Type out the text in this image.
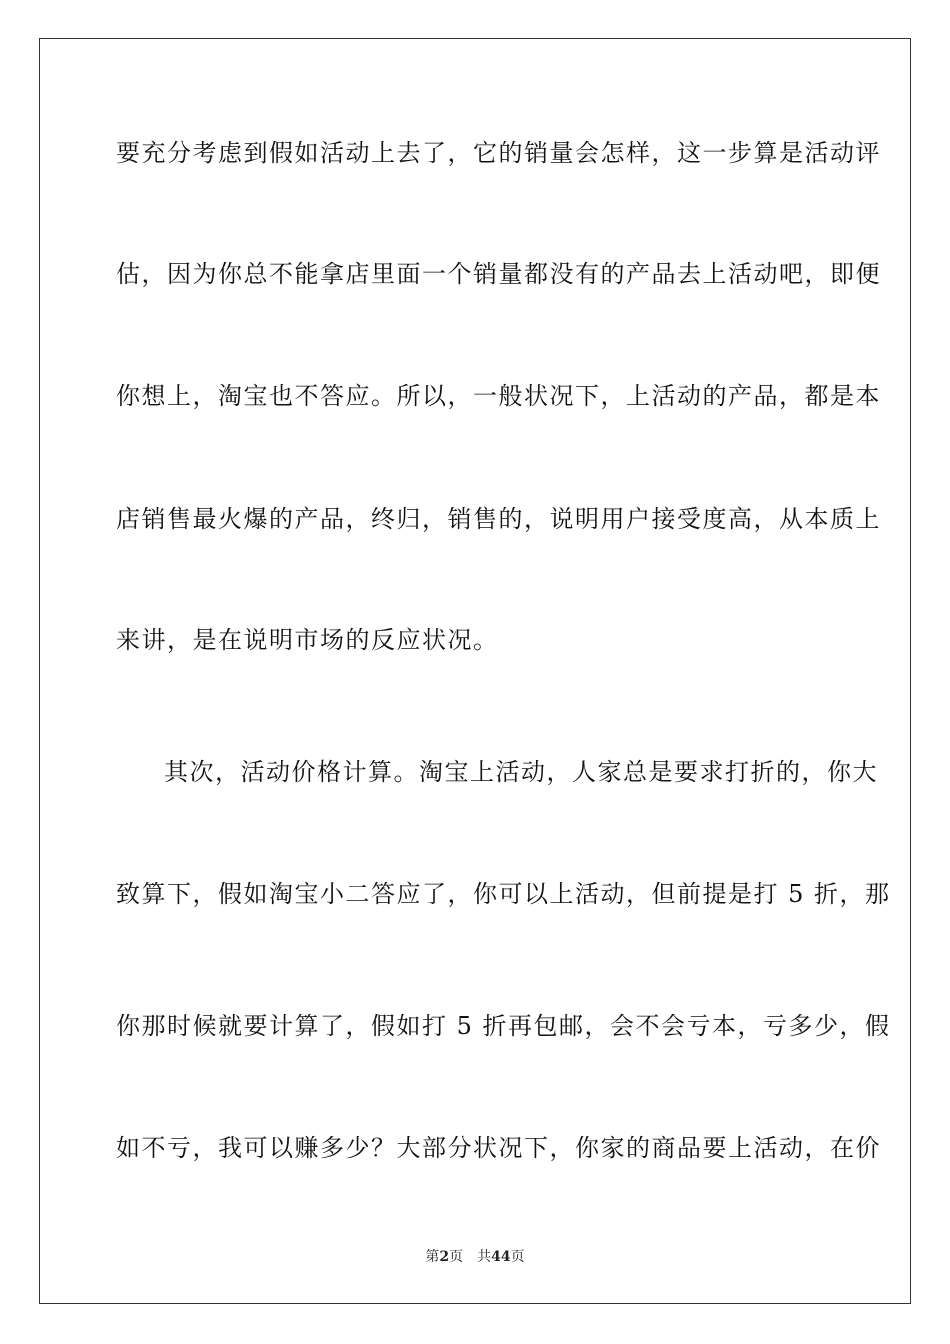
要充分考虑到假如活动上去了，它的销量会怎样，这一步算是活动评
估，因为你总不能拿店里面一个销量都没有的产品去上活动吧，即便
你想上，淘宝也不答应。所以，一般状况下，上活动的产品，都是本
店销售最火爆的产品，终归，销售的，说明用户接受度高，从本质上
来讲，是在说明市场的反应状况。
其次，活动价格计算。淘宝上活动，人家总是要求打折的，你大
致算下，假如淘宝小二答应了，你可以上活动，但前提是打 5 折，那
你那时候就要计算了，假如打 5 折再包邮，会不会亏本，亏多少，假
如不亏，我可以赚多少？大部分状况下，你家的商品要上活动，在价
第2页 共44页
